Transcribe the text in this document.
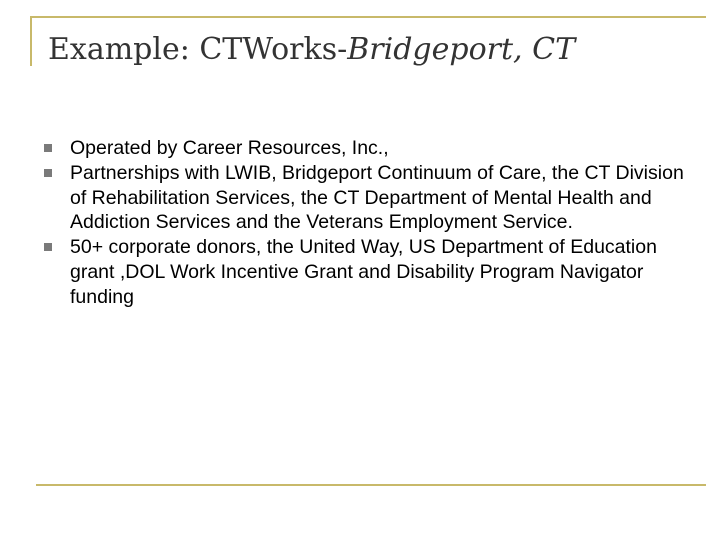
Example: CTWorks-Bridgeport, CT
Operated by Career Resources, Inc.,
Partnerships with LWIB, Bridgeport Continuum of Care, the CT Division of Rehabilitation Services, the CT Department of Mental Health and Addiction Services and the Veterans Employment Service.
50+ corporate donors, the United Way, US Department of Education grant ,DOL Work Incentive Grant and Disability Program Navigator funding
